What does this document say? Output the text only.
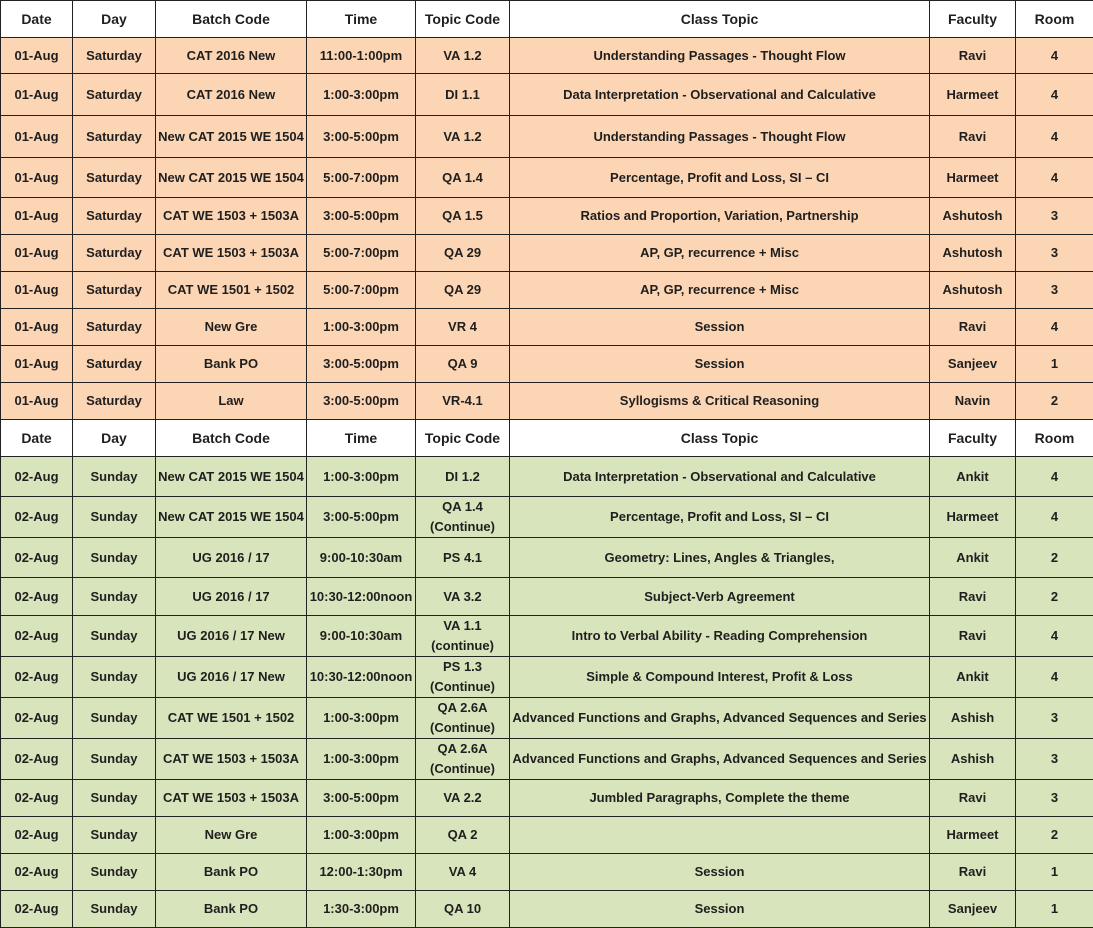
Date	Day	Batch Code	Time	Topic Code	Class Topic	Faculty	Room
01-Aug	Saturday	CAT 2016 New	11:00-1:00pm	VA 1.2	Understanding Passages - Thought Flow	Ravi	4
01-Aug	Saturday	CAT 2016 New	1:00-3:00pm	DI 1.1	Data Interpretation - Observational and Calculative	Harmeet	4
01-Aug	Saturday	New CAT 2015 WE 1504	3:00-5:00pm	VA 1.2	Understanding Passages - Thought Flow	Ravi	4
01-Aug	Saturday	New CAT 2015 WE 1504	5:00-7:00pm	QA 1.4	Percentage, Profit and Loss, SI – CI	Harmeet	4
01-Aug	Saturday	CAT WE 1503 + 1503A	3:00-5:00pm	QA 1.5	Ratios and Proportion, Variation, Partnership	Ashutosh	3
01-Aug	Saturday	CAT WE 1503 + 1503A	5:00-7:00pm	QA 29	AP, GP, recurrence + Misc	Ashutosh	3
01-Aug	Saturday	CAT WE 1501 + 1502	5:00-7:00pm	QA 29	AP, GP, recurrence + Misc	Ashutosh	3
01-Aug	Saturday	New Gre	1:00-3:00pm	VR 4	Session	Ravi	4
01-Aug	Saturday	Bank PO	3:00-5:00pm	QA 9	Session	Sanjeev	1
01-Aug	Saturday	Law	3:00-5:00pm	VR-4.1	Syllogisms & Critical Reasoning	Navin	2
Date	Day	Batch Code	Time	Topic Code	Class Topic	Faculty	Room
02-Aug	Sunday	New CAT 2015 WE 1504	1:00-3:00pm	DI 1.2	Data Interpretation - Observational and Calculative	Ankit	4
02-Aug	Sunday	New CAT 2015 WE 1504	3:00-5:00pm	QA 1.4 (Continue)	Percentage, Profit and Loss, SI – CI	Harmeet	4
02-Aug	Sunday	UG 2016 / 17	9:00-10:30am	PS 4.1	Geometry: Lines, Angles & Triangles,	Ankit	2
02-Aug	Sunday	UG 2016 / 17	10:30-12:00noon	VA 3.2	Subject-Verb Agreement	Ravi	2
02-Aug	Sunday	UG 2016 / 17 New	9:00-10:30am	VA 1.1 (continue)	Intro to Verbal Ability - Reading Comprehension	Ravi	4
02-Aug	Sunday	UG 2016 / 17 New	10:30-12:00noon	PS 1.3 (Continue)	Simple & Compound Interest, Profit & Loss	Ankit	4
02-Aug	Sunday	CAT WE 1501 + 1502	1:00-3:00pm	QA 2.6A (Continue)	Advanced Functions and Graphs, Advanced Sequences and Series	Ashish	3
02-Aug	Sunday	CAT WE 1503 + 1503A	1:00-3:00pm	QA 2.6A (Continue)	Advanced Functions and Graphs, Advanced Sequences and Series	Ashish	3
02-Aug	Sunday	CAT WE 1503 + 1503A	3:00-5:00pm	VA 2.2	Jumbled Paragraphs, Complete the theme	Ravi	3
02-Aug	Sunday	New Gre	1:00-3:00pm	QA 2		Harmeet	2
02-Aug	Sunday	Bank PO	12:00-1:30pm	VA 4	Session	Ravi	1
02-Aug	Sunday	Bank PO	1:30-3:00pm	QA 10	Session	Sanjeev	1
